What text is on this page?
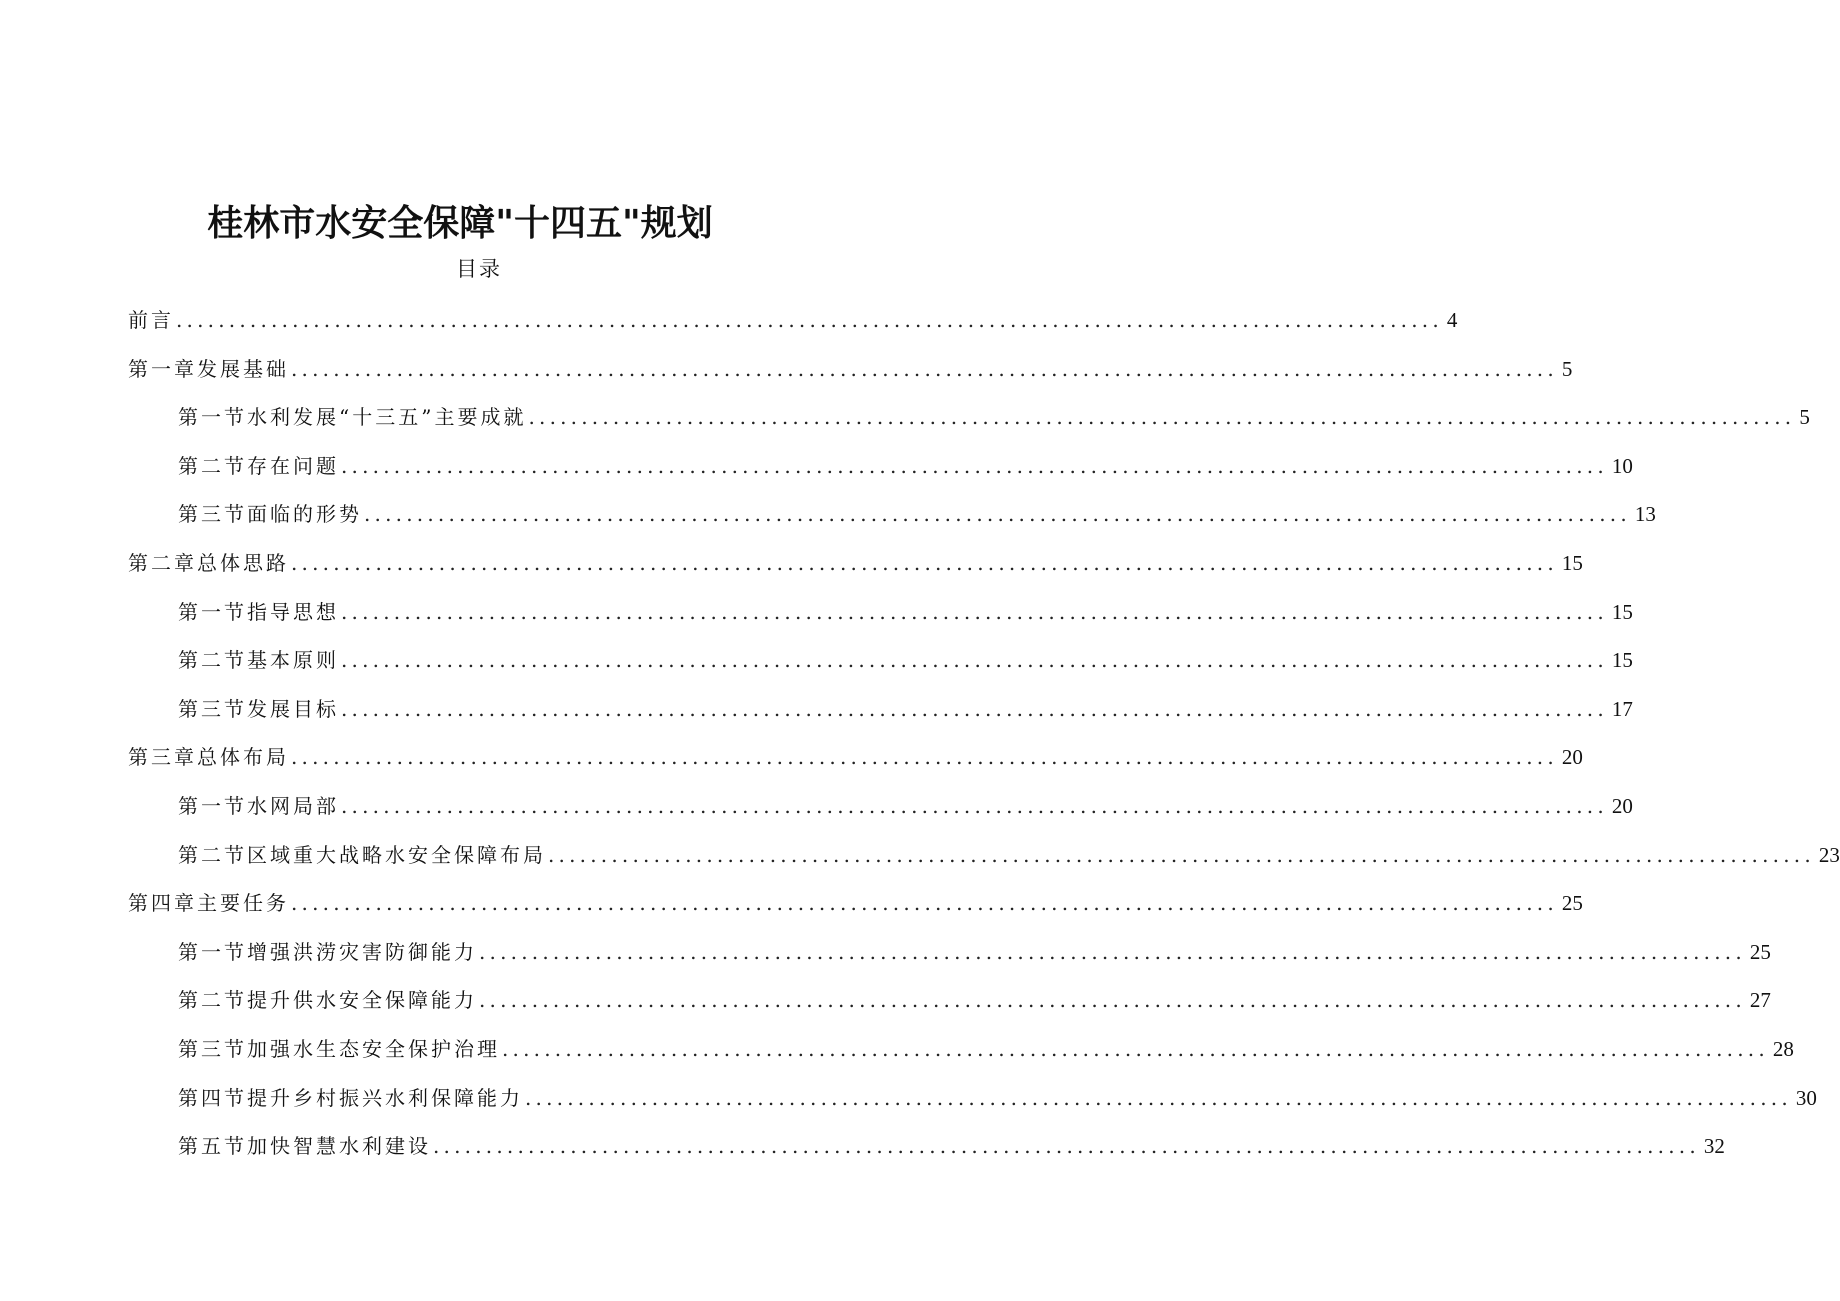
桂林市水安全保障"十四五"规划
目录
前言 ........................................................................................................................ 4
第一章发展基础 ........................................................................................................................ 5
第一节水利发展“十三五”主要成就 ........................................................................................................................ 5
第二节存在问题 ........................................................................................................................ 10
第三节面临的形势 ........................................................................................................................ 13
第二章总体思路 ........................................................................................................................ 15
第一节指导思想 ........................................................................................................................ 15
第二节基本原则 ........................................................................................................................ 15
第三节发展目标 ........................................................................................................................ 17
第三章总体布局 ........................................................................................................................ 20
第一节水网局部 ........................................................................................................................ 20
第二节区域重大战略水安全保障布局 ........................................................................................................................ 23
第四章主要任务 ........................................................................................................................ 25
第一节增强洪涝灾害防御能力 ........................................................................................................................ 25
第二节提升供水安全保障能力 ........................................................................................................................ 27
第三节加强水生态安全保护治理 ........................................................................................................................ 28
第四节提升乡村振兴水利保障能力 ........................................................................................................................ 30
第五节加快智慧水利建设 ........................................................................................................................ 32
